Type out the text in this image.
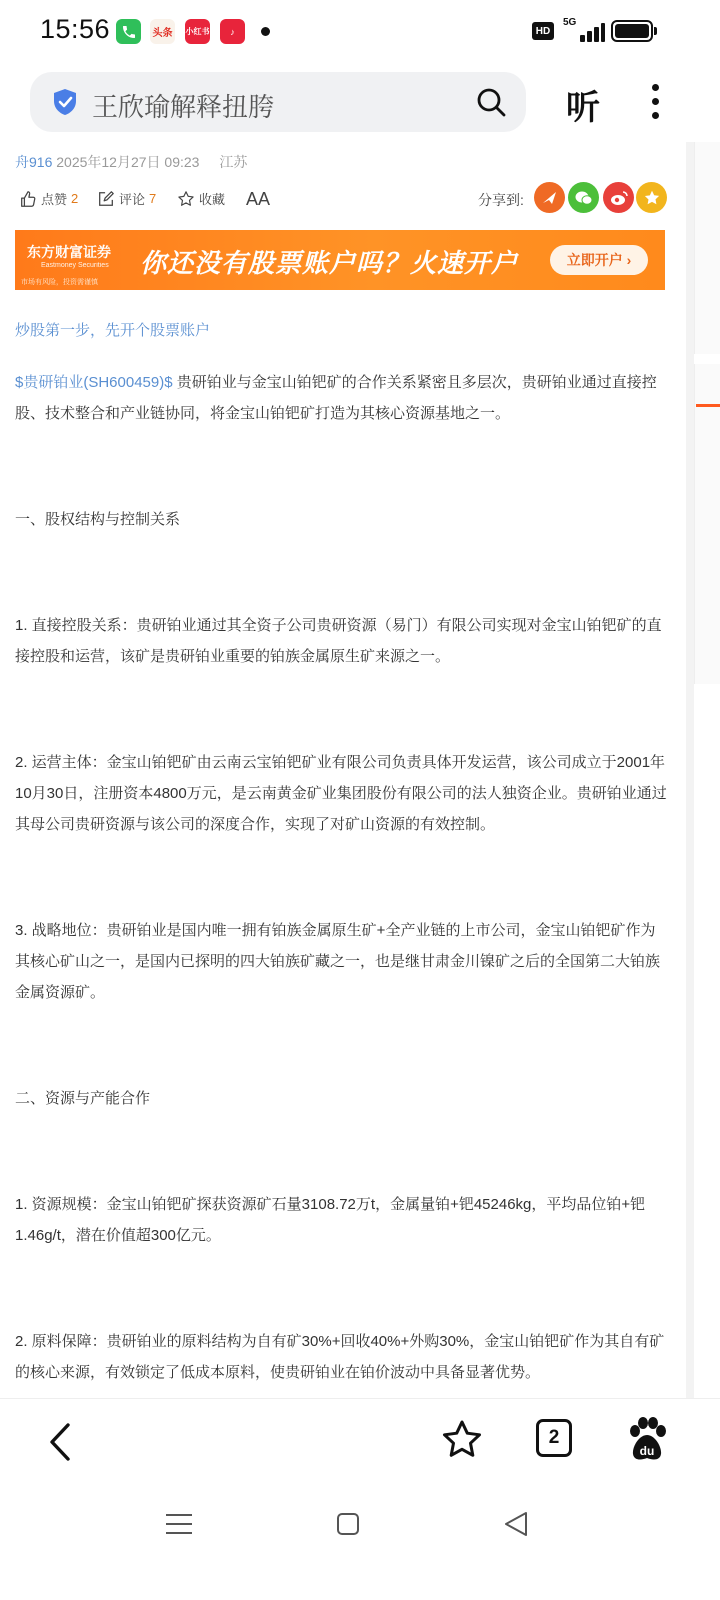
15:56	头条	小红书	♪	HD
5G
王欣瑜解释扭胯	听
舟916 2025年12月27日 09:23 江苏
点赞 2	评论 7	收藏 AA	分享到:
东方财富证券
Eastmoney Securities
市场有风险，投资需谨慎
你还没有股票账户吗？火速开户	立即开户 ›
炒股第一步，先开个股票账户
$贵研铂业(SH600459)$ 贵研铂业与金宝山铂钯矿的合作关系紧密且多层次，贵研铂业通过直接控股、技术整合和产业链协同，将金宝山铂钯矿打造为其核心资源基地之一。
一、股权结构与控制关系
1. 直接控股关系：贵研铂业通过其全资子公司贵研资源（易门）有限公司实现对金宝山铂钯矿的直接控股和运营，该矿是贵研铂业重要的铂族金属原生矿来源之一。
2. 运营主体：金宝山铂钯矿由云南云宝铂钯矿业有限公司负责具体开发运营，该公司成立于2001年10月30日，注册资本4800万元，是云南黄金矿业集团股份有限公司的法人独资企业。贵研铂业通过其母公司贵研资源与该公司的深度合作，实现了对矿山资源的有效控制。
3. 战略地位：贵研铂业是国内唯一拥有铂族金属原生矿+全产业链的上市公司，金宝山铂钯矿作为其核心矿山之一，是国内已探明的四大铂族矿藏之一，也是继甘肃金川镍矿之后的全国第二大铂族金属资源矿。
二、资源与产能合作
1. 资源规模：金宝山铂钯矿探获资源矿石量3108.72万t，金属量铂+钯45246kg，平均品位铂+钯1.46g/t，潜在价值超300亿元。
2. 原料保障：贵研铂业的原料结构为自有矿30%+回收40%+外购30%，金宝山铂钯矿作为其自有矿的核心来源，有效锁定了低成本原料，使贵研铂业在铂价波动中具备显著优势。
2
du
